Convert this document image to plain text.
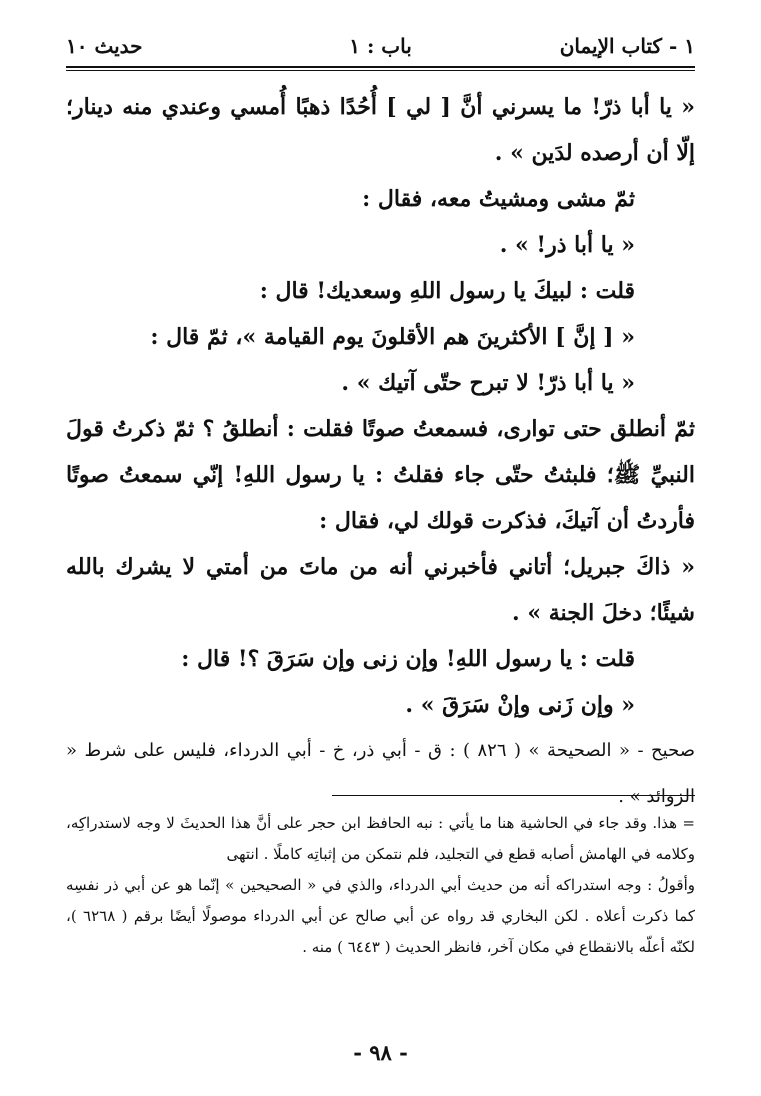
١ - كتاب الإيمان
باب : ١
حديث ١٠

« يا أبا ذرّ! ما يسرني أنَّ [ لي ] أُحُدًا ذهبًا أُمسي وعندي منه دينار؛ إلّا أن أرصده لدَين » .

ثمّ مشى ومشيتُ معه، فقال :

« يا أبا ذر! » .

قلت : لبيكَ يا رسول اللهِ وسعديك! قال :

« [ إنَّ ] الأكثرينَ هم الأقلونَ يوم القيامة »، ثمّ قال :

« يا أبا ذرّ! لا تبرح حتّى آتيك » .

ثمّ أنطلق حتى توارى، فسمعتُ صوتًا فقلت : أنطلقُ ؟ ثمّ ذكرتُ قولَ النبيِّ ﷺ؛ فلبثتُ حتّى جاء فقلتُ : يا رسول اللهِ! إنّي سمعتُ صوتًا فأردتُ أن آتيكَ، فذكرت قولك لي، فقال :

« ذاكَ جبريل؛ أتاني فأخبرني أنه من ماتَ من أمتي لا يشرك بالله شيئًا؛ دخلَ الجنة » .

قلت : يا رسول اللهِ! وإن زنى وإن سَرَقَ ؟! قال :

« وإن زَنى وإنْ سَرَقَ » .

صحيح - « الصحيحة » ( ٨٢٦ ) : ق - أبي ذر، خ - أبي الدرداء، فليس على شرط « الزوائد » .

= هذا. وقد جاء في الحاشية هنا ما يأتي : نبه الحافظ ابن حجر على أنَّ هذا الحديثَ لا وجه لاستدراكِه، وكلامه في الهامش أصابه قطع في التجليد، فلم نتمكن من إثباتِه كاملًا . انتهى

وأقولُ : وجه استدراكه أنه من حديث أبي الدرداء، والذي في « الصحيحين » إنّما هو عن أبي ذر نفسِه كما ذكرت أعلاه . لكن البخاري قد رواه عن أبي صالح عن أبي الدرداء موصولًا أيضًا برقم ( ٦٢٦٨ )، لكنّه أعلّه بالانقطاع في مكان آخر، فانظر الحديث ( ٦٤٤٣ ) منه .

- ٩٨ -
